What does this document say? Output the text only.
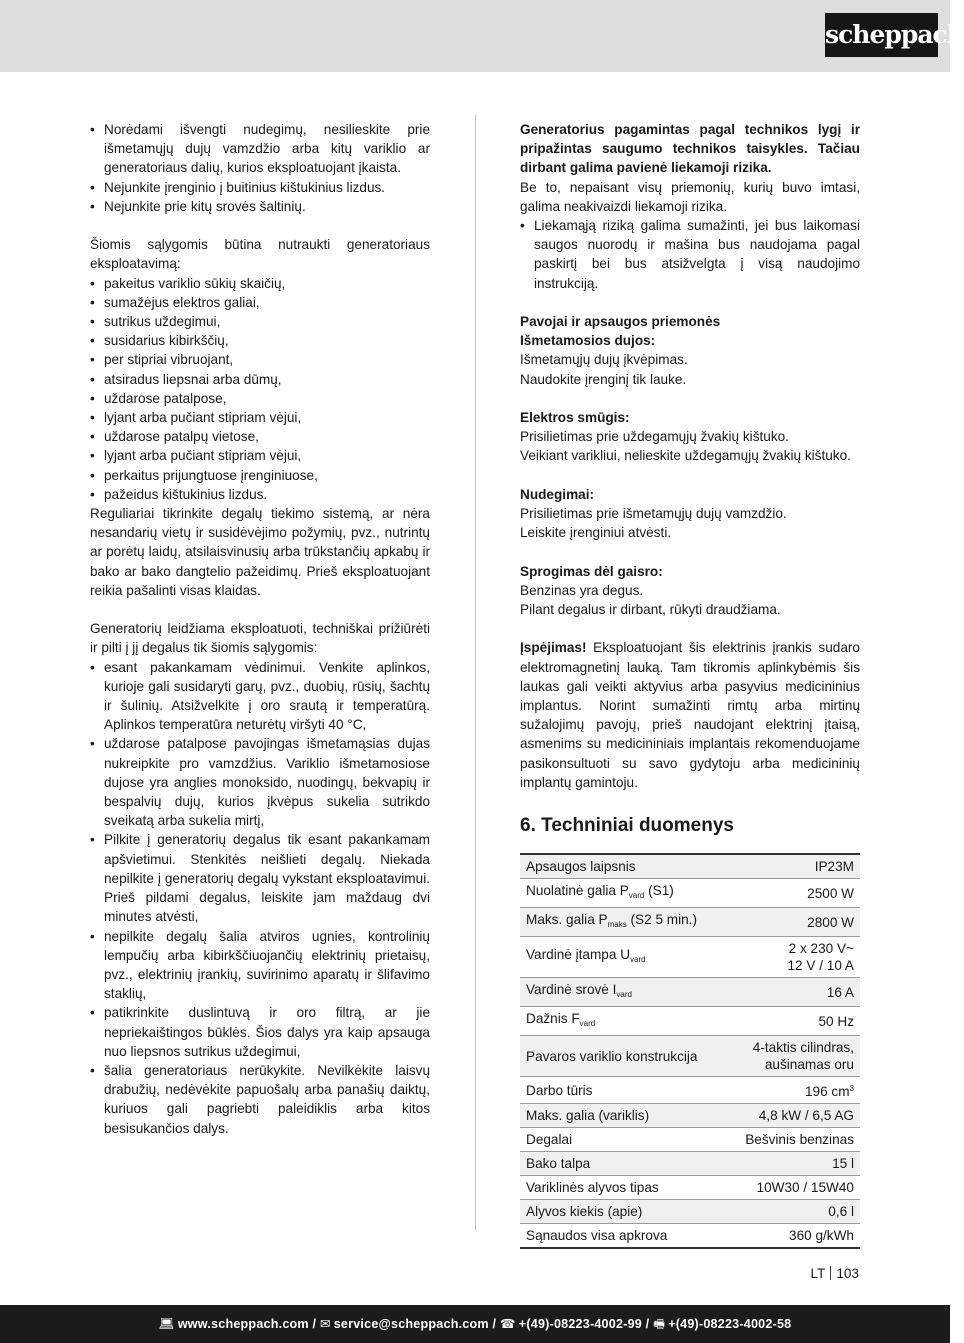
scheppach
• Norėdami išvengti nudegimų, nesilieskite prie išmetamųjų dujų vamzdžio arba kitų variklio ar generatoriaus dalių, kurios eksploatuojant įkaista.
• Nejunkite įrenginio į buitinius kištukinius lizdus.
• Nejunkite prie kitų srovės šaltinių.

Šiomis sąlygomis būtina nutraukti generatoriaus eksploatavimą:

• pakeitus variklio sūkių skaičių,
• sumažėjus elektros galiai,
• sutrikus uždegimui,
• susidarius kibirkščių,
• per stipriai vibruojant,
• atsiradus liepsnai arba dūmų,
• uždarose patalpose,
• lyjant arba pučiant stipriam vėjui,
• uždarose patalpų vietose,
• lyjant arba pučiant stipriam vėjui,
• perkaitus prijungtuose įrenginiuose,
• pažeidus kištukinius lizdus.

Reguliariai tikrinkite degalų tiekimo sistemą, ar nėra nesandarių vietų ir susidėvėjimo požymių, pvz., nutrintų ar porėtų laidų, atsilaisvinusių arba trūkstančių apkabų ir bako ar bako dangtelio pažeidimų. Prieš eksploatuojant reikia pašalinti visas klaidas.

Generatorių leidžiama eksploatuoti, techniškai prižiūrėti ir pilti į jį degalus tik šiomis sąlygomis:

• esant pakankamam vėdinimui. Venkite aplinkos, kurioje gali susidaryti garų, pvz., duobių, rūsių, šachtų ir šulinių. Atsižvelkite į oro srautą ir temperatūrą. Aplinkos temperatūra neturėtų viršyti 40 °C,
• uždarose patalpose pavojingas išmetamąsias dujas nukreipkite pro vamzdžius. Variklio išmetamosiose dujose yra anglies monoksido, nuodingų, bekvapių ir bespalvių dujų, kurios įkvėpus sukelia sutrikdo sveikatą arba sukelia mirtį,
• Pilkite į generatorių degalus tik esant pakankamam apšvietimui. Stenkitės neišlieti degalų. Niekada nepilkite į generatorių degalų vykstant eksploatavimui. Prieš pildami degalus, leiskite jam maždaug dvi minutes atvėsti,
• nepilkite degalų šalia atviros ugnies, kontrolinių lempučių arba kibirkščiuojančių elektrinių prietaisų, pvz., elektrinių įrankių, suvirinimo aparatų ir šlifavimo staklių,
• patikrinkite duslintuvą ir oro filtrą, ar jie nepriekaištingos būklės. Šios dalys yra kaip apsauga nuo liepsnos sutrikus uždegimui,
• šalia generatoriaus nerūkykite. Nevilkėkite laisvų drabužių, nedėvėkite papuošalų arba panašių daiktų, kuriuos gali pagriebti paleidiklis arba kitos besisukančios dalys.

Generatorius pagamintas pagal technikos lygį ir pripažintas saugumo technikos taisykles. Tačiau dirbant galima pavienė liekamoji rizika.

Be to, nepaisant visų priemonių, kurių buvo imtasi, galima neakivaizdi liekamoji rizika.

• Liekamąją riziką galima sumažinti, jei bus laikomasi saugos nuorodų ir mašina bus naudojama pagal paskirtį bei bus atsižvelgta į visą naudojimo instrukciją.

Pavojai ir apsaugos priemonės

Išmetamosios dujos:

Išmetamųjų dujų įkvėpimas.

Naudokite įrenginį tik lauke.

Elektros smūgis:

Prisilietimas prie uždegamųjų žvakių kištuko.

Veikiant varikliui, nelieskite uždegamųjų žvakių kištuko.

Nudegimai:

Prisilietimas prie išmetamųjų dujų vamzdžio.

Leiskite įrenginiui atvėsti.

Sprogimas dėl gaisro:

Benzinas yra degus.

Pilant degalus ir dirbant, rūkyti draudžiama.

Įspėjimas! Eksploatuojant šis elektrinis įrankis sudaro elektromagnetinį lauką. Tam tikromis aplinkybėmis šis laukas gali veikti aktyvius arba pasyvius medicininius implantus. Norint sumažinti rimtų arba mirtinų sužalojimų pavojų, prieš naudojant elektrinį įtaisą, asmenims su medicininiais implantais rekomenduojame pasikonsultuoti su savo gydytoju arba medicininių implantų gamintoju.

6. Techniniai duomenys
Apsaugos laipsnis	IP23M
Nuolatinė galia $P_{vard}$ (S1)	2500 W
Maks. galia $P_{maks}$ (S2 5 min.)	2800 W
Vardinė įtampa $U_{vard}$	2 x 230 V~
12 V / 10 A
Vardinė srovė $I_{vard}$	16 A
Dažnis $F_{vard}$	50 Hz
Pavaros variklio konstrukcija	4-taktis cilindras,
aušinamas oru
Darbo tūris	196 $cm^3$
Maks. galia (variklis)	4,8 kW / 6,5 AG
Degalai	Bešvinis benzinas
Bako talpa	15 l
Variklinės alyvos tipas	10W30 / 15W40
Alyvos kiekis (apie)	0,6 l
Sąnaudos visa apkrova	360 g/kWh
LT 103
💻︎ www.scheppach.com / ✉︎ service@scheppach.com / ☎︎ +(49)-08223-4002-99 / 🖷︎ +(49)-08223-4002-58
